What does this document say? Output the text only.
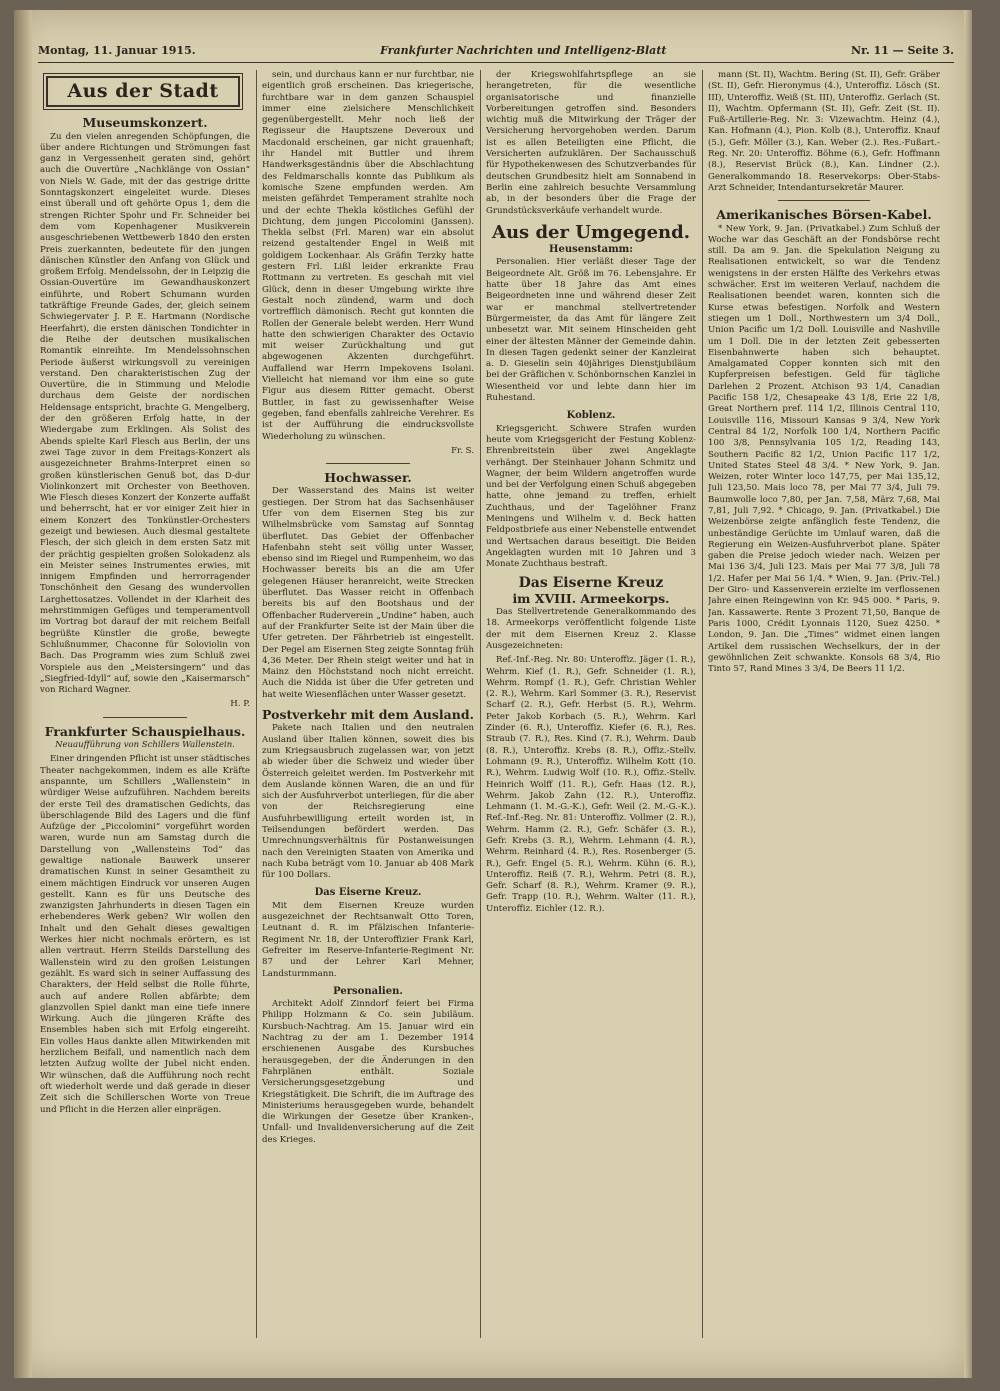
Montag, 11. Januar 1915.	Frankfurter Nachrichten und Intelligenz-Blatt	Nr. 11 — Seite 3.
Aus der Stadt
Museumskonzert.

Zu den vielen anregenden Schöpfungen, die über andere Richtungen und Strömungen fast ganz in Vergessenheit geraten sind, gehört auch die Ouvertüre „Nachklänge von Ossian“ von Niels W. Gade, mit der das gestrige dritte Sonntagskonzert eingeleitet wurde. Dieses einst überall und oft gehörte Opus 1, dem die strengen Richter Spohr und Fr. Schneider bei dem vom Kopenhagener Musikverein ausgeschriebenen Wettbewerb 1840 den ersten Preis zuerkannten, bedeutete für den jungen dänischen Künstler den Anfang von Glück und großem Erfolg. Mendelssohn, der in Leipzig die Ossian-Ouvertüre im Gewandhauskonzert einführte, und Robert Schumann wurden tatkräftige Freunde Gades, der, gleich seinem Schwiegervater J. P. E. Hartmann (Nordische Heerfahrt), die ersten dänischen Tondichter in die Reihe der deutschen musikalischen Romantik einreihte. Im Mendelssohnschen Periode äußerst wirkungsvoll zu vereinigen verstand. Den charakteristischen Zug der Ouvertüre, die in Stimmung und Melodie durchaus dem Geiste der nordischen Heldensage entspricht, brachte G. Mengelberg, der den größeren Erfolg hatte, in der Wiedergabe zum Erklingen. Als Solist des Abends spielte Karl Flesch aus Berlin, der uns zwei Tage zuvor in dem Freitags-Konzert als ausgezeichneter Brahms-Interpret einen so großen künstlerischen Genuß bot, das D-dur Violinkonzert mit Orchester von Beethoven. Wie Flesch dieses Konzert der Konzerte auffaßt und beherrscht, hat er vor einiger Zeit hier in einem Konzert des Tonkünstler-Orchesters gezeigt und bewiesen. Auch diesmal gestaltete Flesch, der sich gleich in dem ersten Satz mit der prächtig gespielten großen Solokadenz als ein Meister seines Instrumentes erwies, mit innigem Empfinden und herrorragender Tonschönheit den Gesang des wundervollen Larghettosatzes. Vollendet in der Klarheit des mehrstimmigen Gefüges und temperamentvoll im Vortrag bot darauf der mit reichem Beifall begrüßte Künstler die große, bewegte Schlußnummer, Chaconne für Soloviolin von Bach. Das Programm wies zum Schluß zwei Vorspiele aus den „Meistersingern“ und das „Siegfried-Idyll“ auf, sowie den „Kaisermarsch“ von Richard Wagner.

H. P.

Frankfurter Schauspielhaus.
Neuaufführung von Schillers Wallenstein.

Einer dringenden Pflicht ist unser städtisches Theater nachgekommen, indem es alle Kräfte anspannte, um Schillers „Wallenstein“ in würdiger Weise aufzuführen. Nachdem bereits der erste Teil des dramatischen Gedichts, das überschlagende Bild des Lagers und die fünf Aufzüge der „Piccolomini“ vorgeführt worden waren, wurde nun am Samstag durch die Darstellung von „Wallensteins Tod“ das gewaltige nationale Bauwerk unserer dramatischen Kunst in seiner Gesamtheit zu einem mächtigen Eindruck vor unseren Augen gestellt. Kann es für uns Deutsche des zwanzigsten Jahrhunderts in diesen Tagen ein erhebenderes Werk geben? Wir wollen den Inhalt und den Gehalt dieses gewaltigen Werkes hier nicht nochmals erörtern, es ist allen vertraut. Herrn Steilds Darstellung des Wallenstein wird zu den großen Leistungen gezählt. Es ward sich in seiner Auffassung des Charakters, der Held selbst die Rolle führte, auch auf andere Rollen abfärbte; dem glanzvollen Spiel dankt man eine tiefe innere Wirkung. Auch die jüngeren Kräfte des Ensembles haben sich mit Erfolg eingereiht. Ein volles Haus dankte allen Mitwirkenden mit herzlichem Beifall, und namentlich nach dem letzten Aufzug wollte der Jubel nicht enden. Wir wünschen, daß die Aufführung noch recht oft wiederholt werde und daß gerade in dieser Zeit sich die Schillerschen Worte von Treue und Pflicht in die Herzen aller einprägen.

sein, und durchaus kann er nur furchtbar, nie eigentlich groß erscheinen. Das kriegerische, furchtbare war in dem ganzen Schauspiel immer eine zielsichere Menschlichkeit gegenübergestellt. Mehr noch ließ der Regisseur die Hauptszene Deveroux und Macdonald erscheinen, gar nicht grauenhaft; ihr Handel mit Buttler und ihrem Handwerksgeständnis über die Abschlachtung des Feldmarschalls konnte das Publikum als komische Szene empfunden werden. Am meisten gefährdet Temperament strahlte noch und der echte Thekla köstliches Gefühl der Dichtung, dem jungen Piccolomini (Janssen). Thekla selbst (Frl. Maren) war ein absolut reizend gestaltender Engel in Weiß mit goldigem Lockenhaar. Als Gräfin Terzky hatte gestern Frl. Lißl leider erkrankte Frau Rottmann zu vertreten. Es geschah mit viel Glück, denn in dieser Umgebung wirkte ihre Gestalt noch zündend, warm und doch vortrefflich dämonisch. Recht gut konnten die Rollen der Generale belebt werden. Herr Wund hatte den schwierigen Charakter des Octavio mit weiser Zurückhaltung und gut abgewogenen Akzenten durchgeführt. Auffallend war Herrn Impekovens Isolani. Vielleicht hat niemand vor ihm eine so gute Figur aus diesem Ritter gemacht. Oberst Buttler, in fast zu gewissenhafter Weise gegeben, fand ebenfalls zahlreiche Verehrer. Es ist der Aufführung die eindrucksvollste Wiederholung zu wünschen.

Fr. S.

Hochwasser.

Der Wasserstand des Mains ist weiter gestiegen. Der Strom hat das Sachsenhäuser Ufer von dem Eisernen Steg bis zur Wilhelmsbrücke vom Samstag auf Sonntag überflutet. Das Gebiet der Offenbacher Hafenbahn steht seit völlig unter Wasser, ebenso sind im Riegel und Rumpenheim, wo das Hochwasser bereits bis an die am Ufer gelegenen Häuser heranreicht, weite Strecken überflutet. Das Wasser reicht in Offenbach bereits bis auf den Bootshaus und der Offenbacher Ruderverein „Undine“ haben, auch auf der Frankfurter Seite ist der Main über die Ufer getreten. Der Fährbetrieb ist eingestellt. Der Pegel am Eisernen Steg zeigte Sonntag früh 4,36 Meter. Der Rhein steigt weiter und hat in Mainz den Höchststand noch nicht erreicht. Auch die Nidda ist über die Ufer getreten und hat weite Wiesenflächen unter Wasser gesetzt.

Postverkehr mit dem Ausland.

Pakete nach Italien und den neutralen Ausland über Italien können, soweit dies bis zum Kriegsausbruch zugelassen war, von jetzt ab wieder über die Schweiz und wieder über Österreich geleitet werden. Im Postverkehr mit dem Auslande können Waren, die an und für sich der Ausfuhrverbot unterliegen, für die aber von der Reichsregierung eine Ausfuhrbewilligung erteilt worden ist, in Teilsendungen befördert werden. Das Umrechnungsverhältnis für Postanweisungen nach den Vereinigten Staaten von Amerika und nach Kuba beträgt vom 10. Januar ab 408 Mark für 100 Dollars.

Das Eiserne Kreuz.

Mit dem Eisernen Kreuze wurden ausgezeichnet der Rechtsanwalt Otto Toren, Leutnant d. R. im Pfälzischen Infanterie-Regiment Nr. 18, der Unteroffizier Frank Karl, Gefreiter im Reserve-Infanterie-Regiment Nr. 87 und der Lehrer Karl Mehner, Landsturmmann.

Personalien.

Architekt Adolf Zinndorf feiert bei Firma Philipp Holzmann & Co. sein Jubiläum. Kursbuch-Nachtrag. Am 15. Januar wird ein Nachtrag zu der am 1. Dezember 1914 erschienenen Ausgabe des Kursbuches herausgegeben, der die Änderungen in den Fahrplänen enthält. Soziale Versicherungsgesetzgebung und Kriegstätigkeit. Die Schrift, die im Auftrage des Ministeriums herausgegeben wurde, behandelt die Wirkungen der Gesetze über Kranken-, Unfall- und Invalidenversicherung auf die Zeit des Krieges.

der Kriegswohlfahrtspflege an sie herangetreten, für die wesentliche organisatorische und finanzielle Vorbereitungen getroffen sind. Besonders wichtig muß die Mitwirkung der Träger der Versicherung hervorgehoben werden. Darum ist es allen Beteiligten eine Pflicht, die Versicherten aufzuklären. Der Sachausschuß für Hypothekenwesen des Schutzverbandes für deutschen Grundbesitz hielt am Sonnabend in Berlin eine zahlreich besuchte Versammlung ab, in der besonders über die Frage der Grundstücksverkäufe verhandelt wurde.

Aus der Umgegend.
Heusenstamm:

Personalien. Hier verläßt dieser Tage der Beigeordnete Alt. Größ im 76. Lebensjahre. Er hatte über 18 Jahre das Amt eines Beigeordneten inne und während dieser Zeit war er manchmal stellvertretender Bürgermeister, da das Amt für längere Zeit unbesetzt war. Mit seinem Hinscheiden geht einer der ältesten Männer der Gemeinde dahin. In diesen Tagen gedenkt seiner der Kanzleirat a. D. Gieselin sein 40jähriges Dienstjubiläum bei der Gräflichen v. Schönbornschen Kanzlei in Wiesentheid vor und lebte dann hier im Ruhestand.

Koblenz.

Kriegsgericht. Schwere Strafen wurden heute vom Kriegsgericht der Festung Koblenz-Ehrenbreitstein über zwei Angeklagte verhängt. Der Steinhauer Johann Schmitz und Wagner, der beim Wildern angetroffen wurde und bei der Verfolgung einen Schuß abgegeben hatte, ohne jemand zu treffen, erhielt Zuchthaus, und der Tagelöhner Franz Meningens und Wilhelm v. d. Beck hatten Feldpostbriefe aus einer Nebenstelle entwendet und Wertsachen daraus beseitigt. Die Beiden Angeklagten wurden mit 10 Jahren und 3 Monate Zuchthaus bestraft.

Das Eiserne Kreuz
im XVIII. Armeekorps.

Das Stellvertretende Generalkommando des 18. Armeekorps veröffentlicht folgende Liste der mit dem Eisernen Kreuz 2. Klasse Ausgezeichneten:

Ref.-Inf.-Reg. Nr. 80: Unteroffiz. Jäger (1. R.), Wehrm. Kief (1. R.), Gefr. Schneider (1. R.), Wehrm. Rompf (1. R.), Gefr. Christian Wehler (2. R.), Wehrm. Karl Sommer (3. R.), Reservist Scharf (2. R.), Gefr. Herbst (5. R.), Wehrm. Peter Jakob Korbach (5. R.), Wehrm. Karl Zinder (6. R.), Unteroffiz. Kiefer (6. R.), Res. Straub (7. R.), Res. Kind (7. R.), Wehrm. Daub (8. R.), Unteroffiz. Krebs (8. R.), Offiz.-Stellv. Lohmann (9. R.), Unteroffiz. Wilhelm Kott (10. R.), Wehrm. Ludwig Wolf (10. R.), Offiz.-Stellv. Heinrich Wolff (11. R.), Gefr. Haas (12. R.), Wehrm. Jakob Zahn (12. R.), Unteroffiz. Lehmann (1. M.-G.-K.), Gefr. Weil (2. M.-G.-K.). Ref.-Inf.-Reg. Nr. 81: Unteroffiz. Vollmer (2. R.), Wehrm. Hamm (2. R.), Gefr. Schäfer (3. R.), Gefr. Krebs (3. R.), Wehrm. Lehmann (4. R.), Wehrm. Reinhard (4. R.), Res. Rosenberger (5. R.), Gefr. Engel (5. R.), Wehrm. Kühn (6. R.), Unteroffiz. Reiß (7. R.), Wehrm. Petri (8. R.), Gefr. Scharf (8. R.), Wehrm. Kramer (9. R.), Gefr. Trapp (10. R.), Wehrm. Walter (11. R.), Unteroffiz. Eichler (12. R.).

mann (St. II), Wachtm. Bering (St. II), Gefr. Gräber (St. II), Gefr. Hieronymus (4.), Unteroffiz. Lösch (St. III), Unteroffiz. Weiß (St. III), Unteroffiz. Gerlach (St. II), Wachtm. Opfermann (St. II), Gefr. Zeit (St. II). Fuß-Artillerie-Reg. Nr. 3: Vizewachtm. Heinz (4.), Kan. Hofmann (4.), Pion. Kolb (8.), Unteroffiz. Knauf (5.), Gefr. Möller (3.), Kan. Weber (2.). Res.-Fußart.-Reg. Nr. 20: Unteroffiz. Böhme (6.), Gefr. Hoffmann (8.), Reservist Brück (8.), Kan. Lindner (2.). Generalkommando 18. Reservekorps: Ober-Stabs-Arzt Schneider, Intendantursekretär Maurer.

Amerikanisches Börsen-Kabel.

* New York, 9. Jan. (Privatkabel.) Zum Schluß der Woche war das Geschäft an der Fondsbörse recht still. Da am 9. Jan. die Spekulation Neigung zu Realisationen entwickelt, so war die Tendenz wenigstens in der ersten Hälfte des Verkehrs etwas schwächer. Erst im weiteren Verlauf, nachdem die Realisationen beendet waren, konnten sich die Kurse etwas befestigen. Norfolk and Western stiegen um 1 Doll., Northwestern um 3/4 Doll., Union Pacific um 1/2 Doll. Louisville and Nashville um 1 Doll. Die in der letzten Zeit gebesserten Eisenbahnwerte haben sich behauptet. Amalgamated Copper konnten sich mit den Kupferpreisen befestigen. Geld für tägliche Darlehen 2 Prozent. Atchison 93 1/4, Canadian Pacific 158 1/2, Chesapeake 43 1/8, Erie 22 1/8, Great Northern pref. 114 1/2, Illinois Central 110, Louisville 116, Missouri Kansas 9 3/4, New York Central 84 1/2, Norfolk 100 1/4, Northern Pacific 100 3/8, Pennsylvania 105 1/2, Reading 143, Southern Pacific 82 1/2, Union Pacific 117 1/2, United States Steel 48 3/4. * New York, 9. Jan. Weizen, roter Winter loco 147,75, per Mai 135,12, Juli 123,50. Mais loco 78, per Mai 77 3/4, Juli 79. Baumwolle loco 7,80, per Jan. 7,58, März 7,68, Mai 7,81, Juli 7,92. * Chicago, 9. Jan. (Privatkabel.) Die Weizenbörse zeigte anfänglich feste Tendenz, die unbeständige Gerüchte im Umlauf waren, daß die Regierung ein Weizen-Ausfuhrverbot plane. Später gaben die Preise jedoch wieder nach. Weizen per Mai 136 3/4, Juli 123. Mais per Mai 77 3/8, Juli 78 1/2. Hafer per Mai 56 1/4. * Wien, 9. Jan. (Priv.-Tel.) Der Giro- und Kassenverein erzielte im verflossenen Jahre einen Reingewinn von Kr. 945 000. * Paris, 9. Jan. Kassawerte. Rente 3 Prozent 71,50, Banque de Paris 1000, Crédit Lyonnais 1120, Suez 4250. * London, 9. Jan. Die „Times“ widmet einen langen Artikel dem russischen Wechselkurs, der in der gewöhnlichen Zeit schwankte. Konsols 68 3/4, Rio Tinto 57, Rand Mines 3 3/4, De Beers 11 1/2.
